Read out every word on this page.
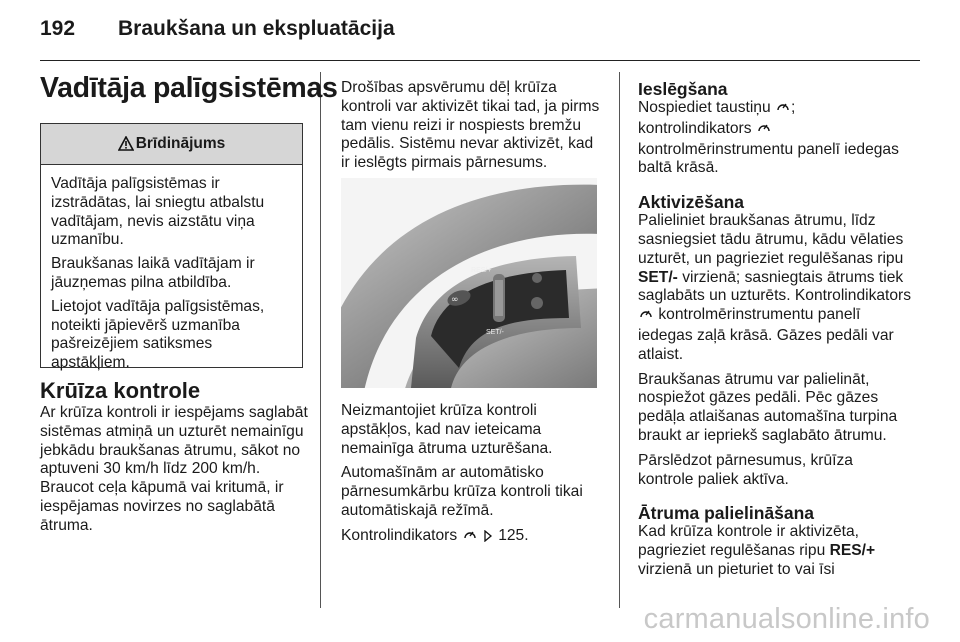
192 Braukšana un ekspluatācija
Vadītāja palīgsistēmas
Brīdinājums

Vadītāja palīgsistēmas ir izstrādātas, lai sniegtu atbalstu vadītājam, nevis aizstātu viņa uzmanību.

Braukšanas laikā vadītājam ir jāuzņemas pilna atbildība.

Lietojot vadītāja palīgsistēmas, noteikti jāpievērš uzmanība pašreizējiem satiksmes apstākļiem.

Krūīza kontrole

Ar krūīza kontroli ir iespējams saglabāt sistēmas atmiņā un uzturēt nemainīgu jebkādu braukšanas ātrumu, sākot no aptuveni 30 km/h līdz 200 km/h. Braucot ceļa kāpumā vai kritumā, ir iespējamas novirzes no saglabātā ātruma.

Drošības apsvērumu dēļ krūīza kontroli var aktivizēt tikai tad, ja pirms tam vienu reizi ir nospiests bremžu pedālis. Sistēmu nevar aktivizēt, kad ir ieslēgts pirmais pārnesums.

∞
RES/+
SET/-

Neizmantojiet krūīza kontroli apstākļos, kad nav ieteicama nemainīga ātruma uzturēšana.

Automašīnām ar automātisko pārnesumkārbu krūīza kontroli tikai automātiskajā režīmā.

Kontrolindikators	125.

Ieslēgšana

Nospiediet taustiņu ;
kontrolindikators  kontrolmērinstrumentu panelī iedegas baltā krāsā.

Aktivizēšana

Palieliniet braukšanas ātrumu, līdz sasniegsiet tādu ātrumu, kādu vēlaties uzturēt, un pagrieziet regulēšanas ripu SET/- virzienā; sasniegtais ātrums tiek saglabāts un uzturēts. Kontrolindikators  kontrolmērinstrumentu panelī iedegas zaļā krāsā. Gāzes pedāli var atlaist.

Braukšanas ātrumu var palielināt, nospiežot gāzes pedāli. Pēc gāzes pedāļa atlaišanas automašīna turpina braukt ar iepriekš saglabāto ātrumu.

Pārslēdzot pārnesumus, krūīza kontrole paliek aktīva.

Ātruma palielināšana

Kad krūīza kontrole ir aktivizēta, pagrieziet regulēšanas ripu RES/+ virzienā un pieturiet to vai īsi

carmanualsonline.info
